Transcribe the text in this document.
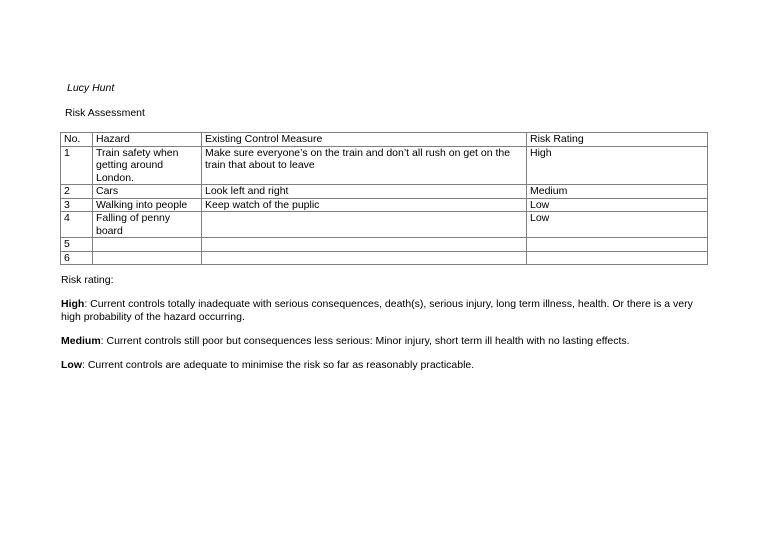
Lucy Hunt
Risk Assessment
No.	Hazard	Existing Control Measure	Risk Rating
1	Train safety when getting around London.	Make sure everyone’s on the train and don’t all rush on get on the train that about to leave	High
2	Cars	Look left and right	Medium
3	Walking into people	Keep watch of the puplic	Low
4	Falling of penny board		Low
5			
6			

Risk rating:

High: Current controls totally inadequate with serious consequences, death(s), serious injury, long term illness, health. Or there is a very high probability of the hazard occurring.

Medium: Current controls still poor but consequences less serious: Minor injury, short term ill health with no lasting effects.

Low: Current controls are adequate to minimise the risk so far as reasonably practicable.
